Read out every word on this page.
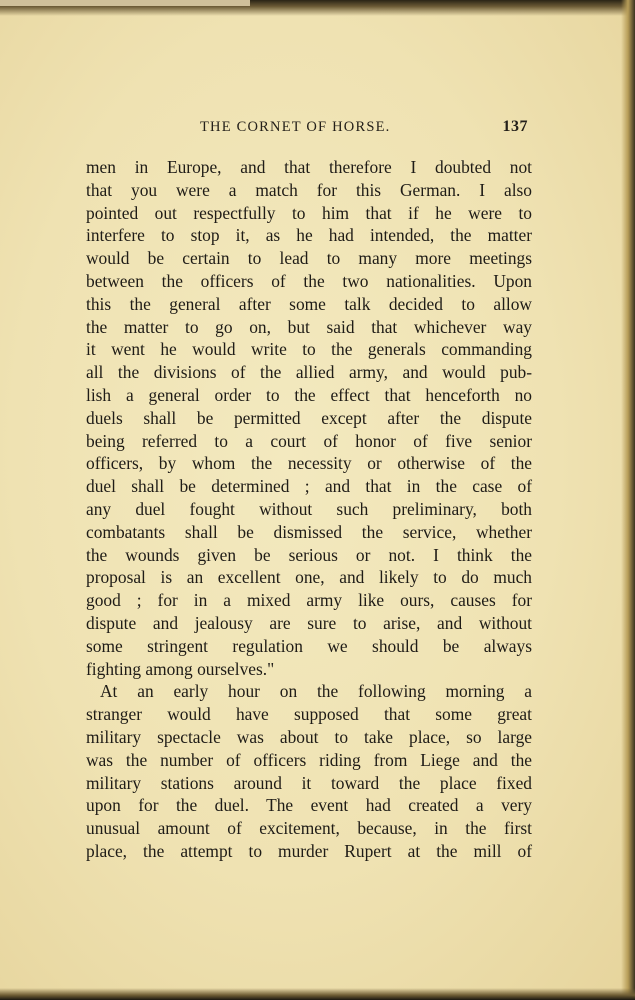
THE CORNET OF HORSE.	137
men in Europe, and that therefore I doubted not
that you were a match for this German. I also
pointed out respectfully to him that if he were to
interfere to stop it, as he had intended, the matter
would be certain to lead to many more meetings
between the officers of the two nationalities. Upon
this the general after some talk decided to allow
the matter to go on, but said that whichever way
it went he would write to the generals commanding
all the divisions of the allied army, and would pub-
lish a general order to the effect that henceforth no
duels shall be permitted except after the dispute
being referred to a court of honor of five senior
officers, by whom the necessity or otherwise of the
duel shall be determined ; and that in the case of
any duel fought without such preliminary, both
combatants shall be dismissed the service, whether
the wounds given be serious or not. I think the
proposal is an excellent one, and likely to do much
good ; for in a mixed army like ours, causes for
dispute and jealousy are sure to arise, and without
some stringent regulation we should be always
fighting among ourselves."
At an early hour on the following morning a
stranger would have supposed that some great
military spectacle was about to take place, so large
was the number of officers riding from Liege and the
military stations around it toward the place fixed
upon for the duel. The event had created a very
unusual amount of excitement, because, in the first
place, the attempt to murder Rupert at the mill of
